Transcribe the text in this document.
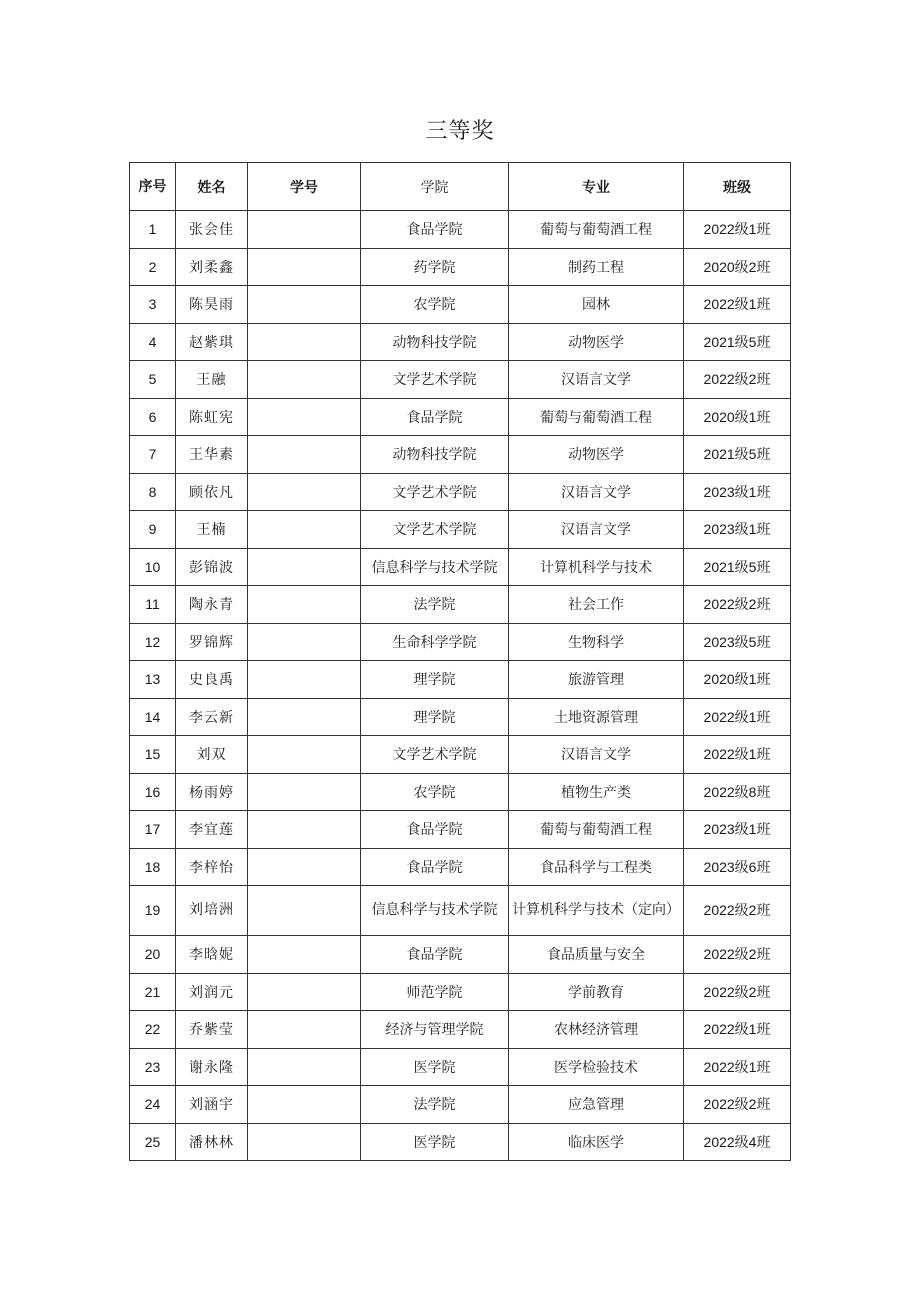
三等奖
序号	姓名	学号	学院	专业	班级
1	张会佳		食品学院	葡萄与葡萄酒工程	2022级1班
2	刘柔鑫		药学院	制药工程	2020级2班
3	陈昊雨		农学院	园林	2022级1班
4	赵紫琪		动物科技学院	动物医学	2021级5班
5	王融		文学艺术学院	汉语言文学	2022级2班
6	陈虹宪		食品学院	葡萄与葡萄酒工程	2020级1班
7	王华素		动物科技学院	动物医学	2021级5班
8	顾依凡		文学艺术学院	汉语言文学	2023级1班
9	王楠		文学艺术学院	汉语言文学	2023级1班
10	彭锦波		信息科学与技术学院	计算机科学与技术	2021级5班
11	陶永青		法学院	社会工作	2022级2班
12	罗锦辉		生命科学学院	生物科学	2023级5班
13	史良禹		理学院	旅游管理	2020级1班
14	李云新		理学院	土地资源管理	2022级1班
15	刘双		文学艺术学院	汉语言文学	2022级1班
16	杨雨婷		农学院	植物生产类	2022级8班
17	李宜莲		食品学院	葡萄与葡萄酒工程	2023级1班
18	李梓怡		食品学院	食品科学与工程类	2023级6班
19	刘培洲		信息科学与技术学院	计算机科学与技术（定向）	2022级2班
20	李晗妮		食品学院	食品质量与安全	2022级2班
21	刘润元		师范学院	学前教育	2022级2班
22	乔紫莹		经济与管理学院	农林经济管理	2022级1班
23	谢永隆		医学院	医学检验技术	2022级1班
24	刘涵宇		法学院	应急管理	2022级2班
25	潘林林		医学院	临床医学	2022级4班
